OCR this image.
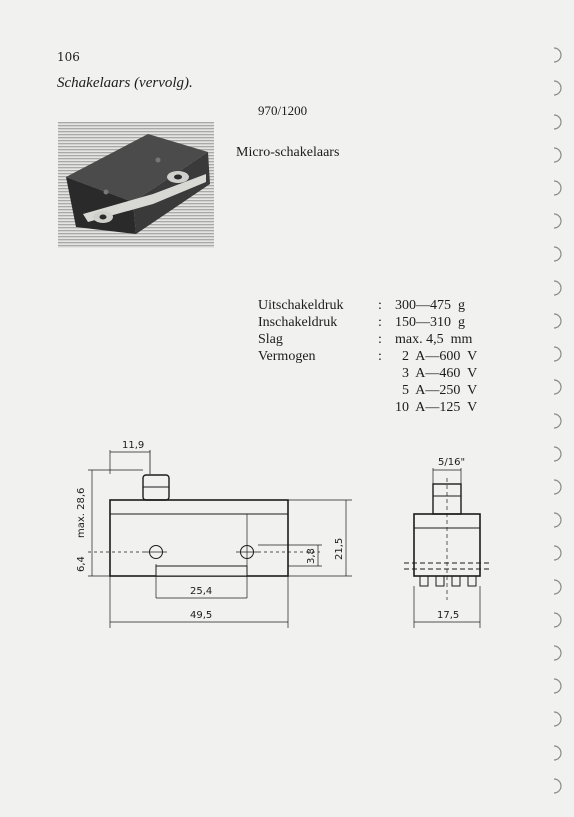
106
Schakelaars (vervolg).
970/1200
Micro-schakelaars
Uitschakeldruk	: 300—475  g
Inschakeldruk	: 150—310  g
Slag	: max. 4,5  mm
Vermogen	: 2  A—600  V
3  A—460  V
5  A—250  V
10  A—125  V
11,9
max. 28,6
6,4
3,8 21,5
25,4
49,5
5/16"
17,5
